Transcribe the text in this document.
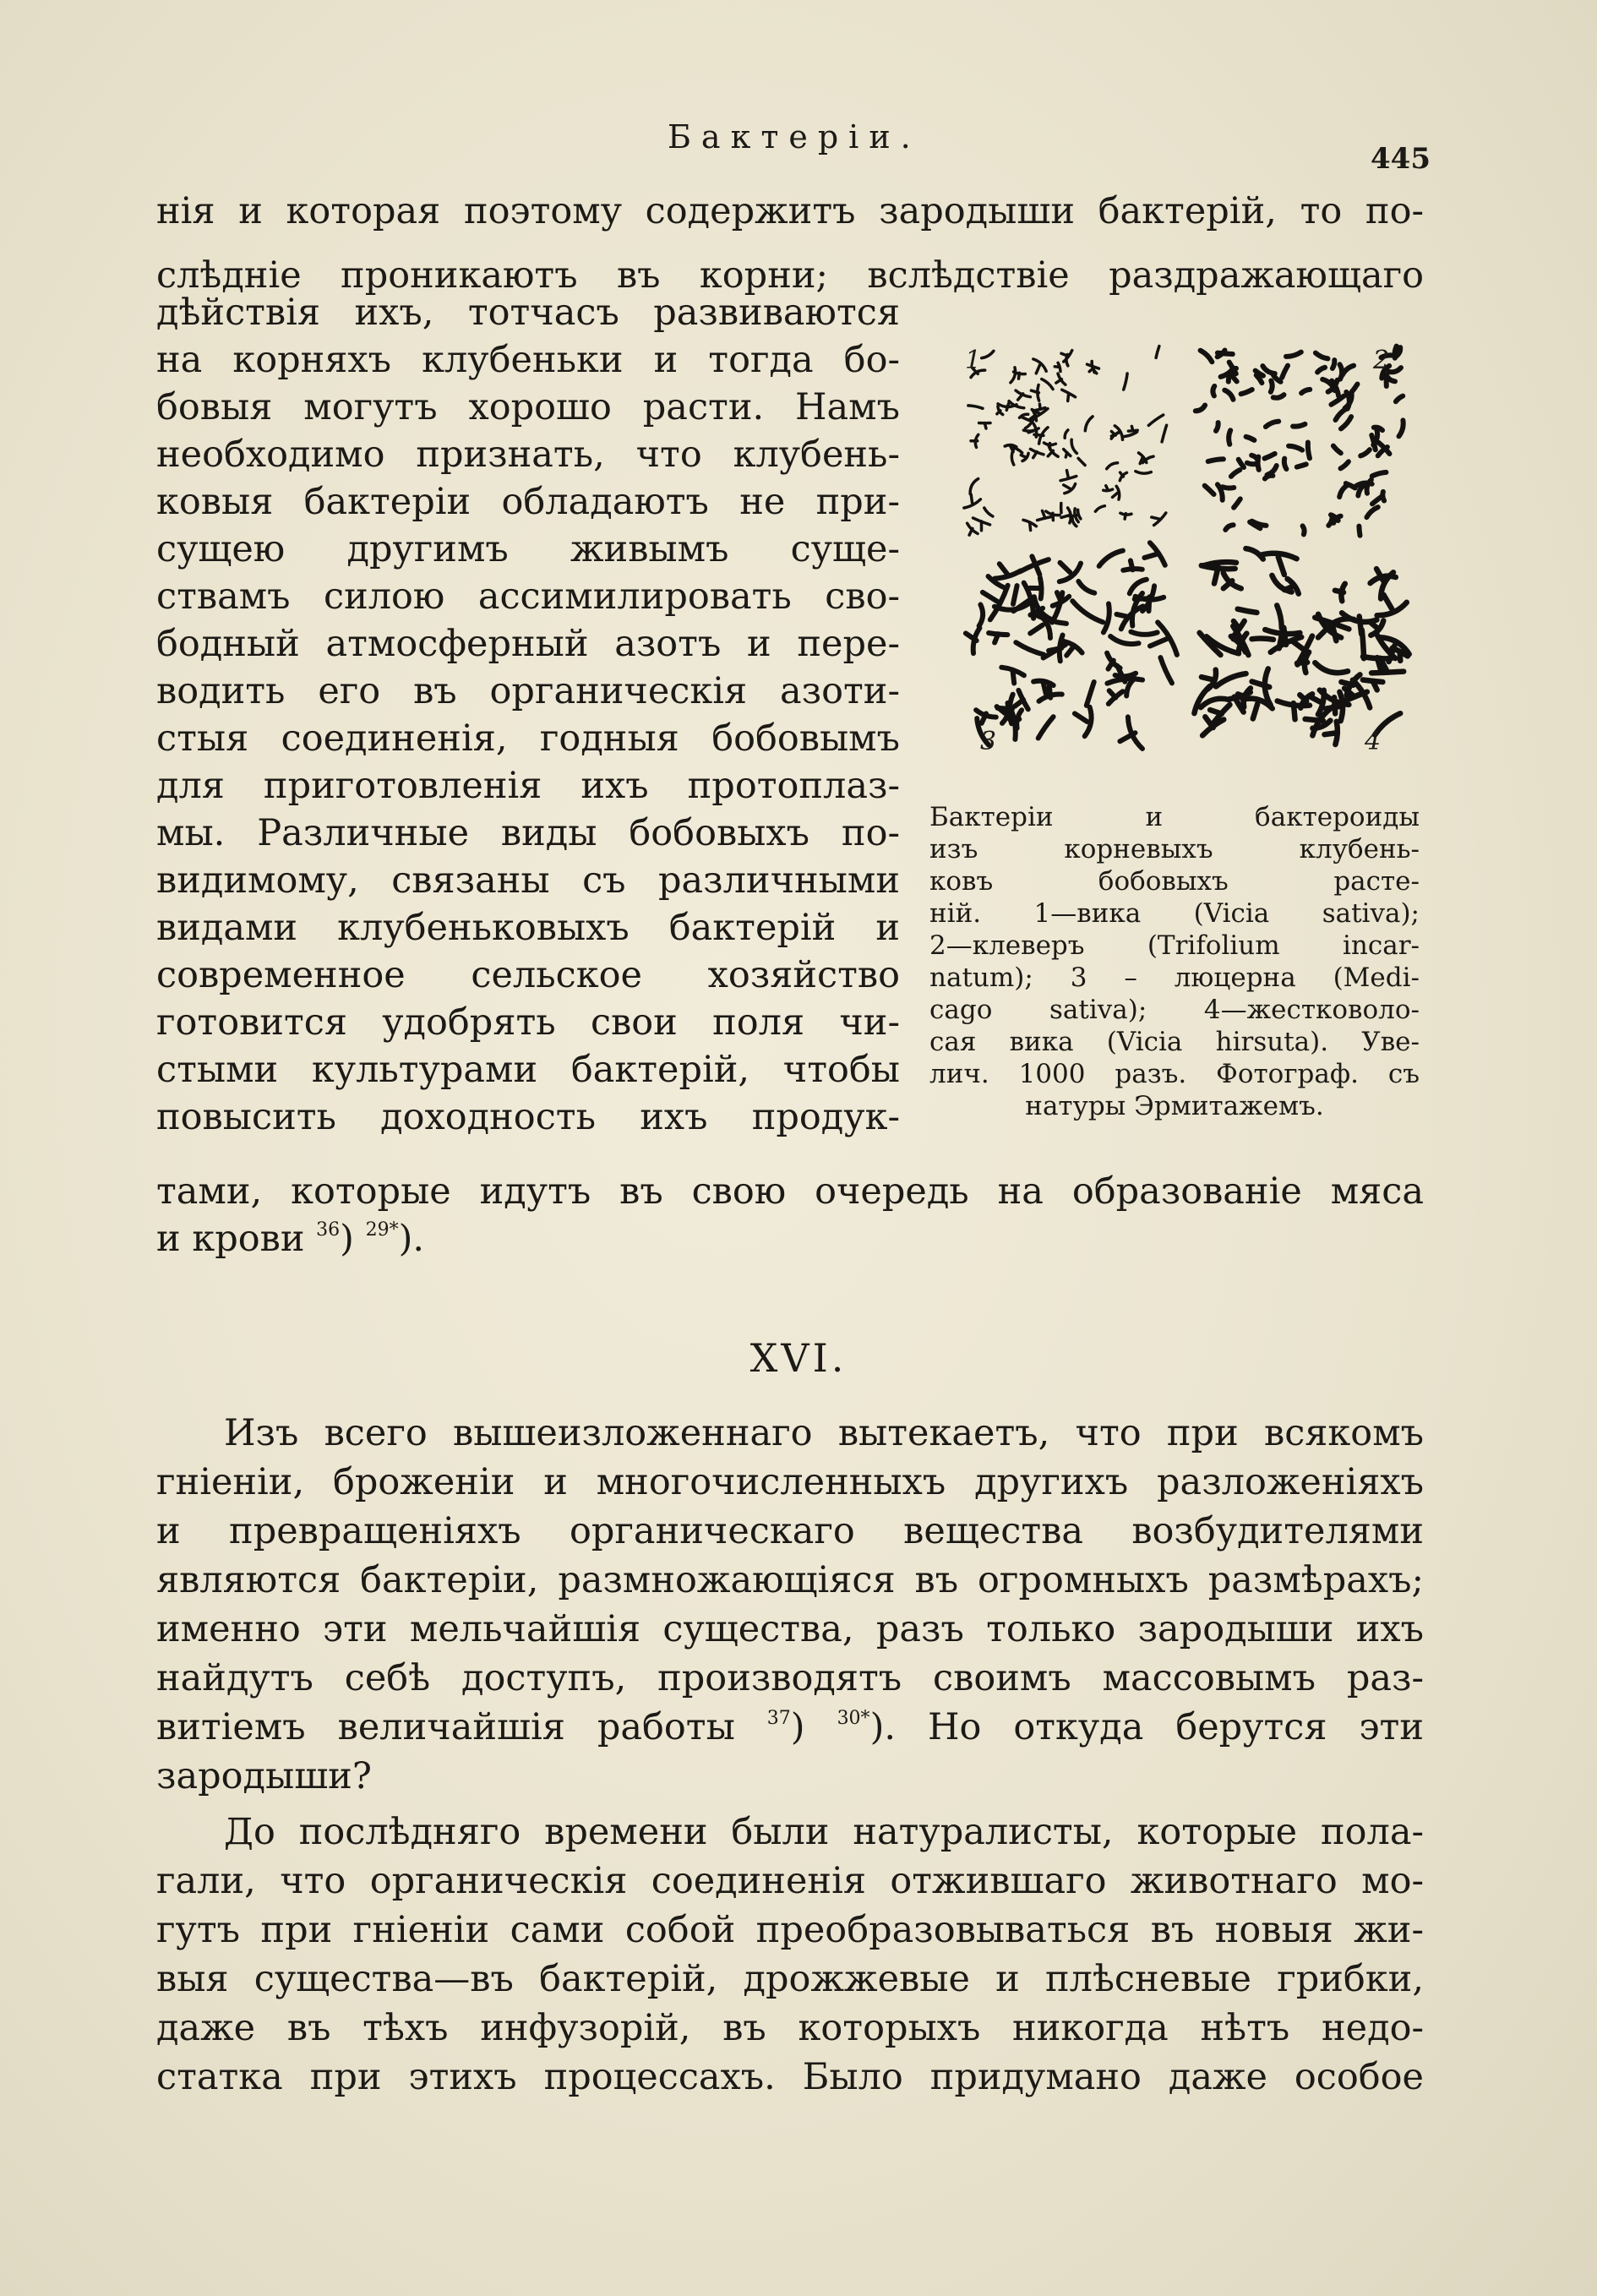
Бактеріи.
445
нія и которая поэтому содержитъ зародыши бактерій, то по-
слѣдніе проникаютъ въ корни; вслѣдствіе раздражающаго
дѣйствія ихъ, тотчасъ развиваются
на корняхъ клубеньки и тогда бо-
бовыя могутъ хорошо расти. Намъ
необходимо признать, что клубень-
ковыя бактеріи обладаютъ не при-
сущею другимъ живымъ суще-
ствамъ силою ассимилировать сво-
бодный атмосферный азотъ и пере-
водить его въ органическія азоти-
стыя соединенія, годныя бобовымъ
для приготовленія ихъ протоплаз-
мы. Различные виды бобовыхъ по-
видимому, связаны съ различными
видами клубеньковыхъ бактерій и
современное сельское хозяйство
готовится удобрять свои поля чи-
стыми культурами бактерій, чтобы
повысить доходность ихъ продук-
тами, которые идутъ въ свою очередь на образованіе мяса
и крови $^{36}$) $^{29*}$).
1	2
3	4
Бактеріи и бактероиды
изъ корневыхъ клубень-
ковъ бобовыхъ расте-
ній. 1—вика (Vicia sativa);
2—клеверъ (Trifolium incar-
natum); 3 – люцерна (Medi-
cago sativa); 4—жестковоло-
сая вика (Vicia hirsuta). Уве-
лич. 1000 разъ. Фотограф. съ
натуры Эрмитажемъ.
XVI.
Изъ всего вышеизложеннаго вытекаетъ, что при всякомъ
гніеніи, броженіи и многочисленныхъ другихъ разложеніяхъ
и превращеніяхъ органическаго вещества возбудителями
являются бактеріи, размножающіяся въ огромныхъ размѣрахъ;
именно эти мельчайшія существа, разъ только зародыши ихъ
найдутъ себѣ доступъ, производятъ своимъ массовымъ раз-
витіемъ величайшія работы $^{37}$) $^{30*}$). Но откуда берутся эти
зародыши?
До послѣдняго времени были натуралисты, которые пола-
гали, что органическія соединенія отжившаго животнаго мо-
гутъ при гніеніи сами собой преобразовываться въ новыя жи-
выя существа—въ бактерій, дрожжевые и плѣсневые грибки,
даже въ тѣхъ инфузорій, въ которыхъ никогда нѣтъ недо-
статка при этихъ процессахъ. Было придумано даже особое
